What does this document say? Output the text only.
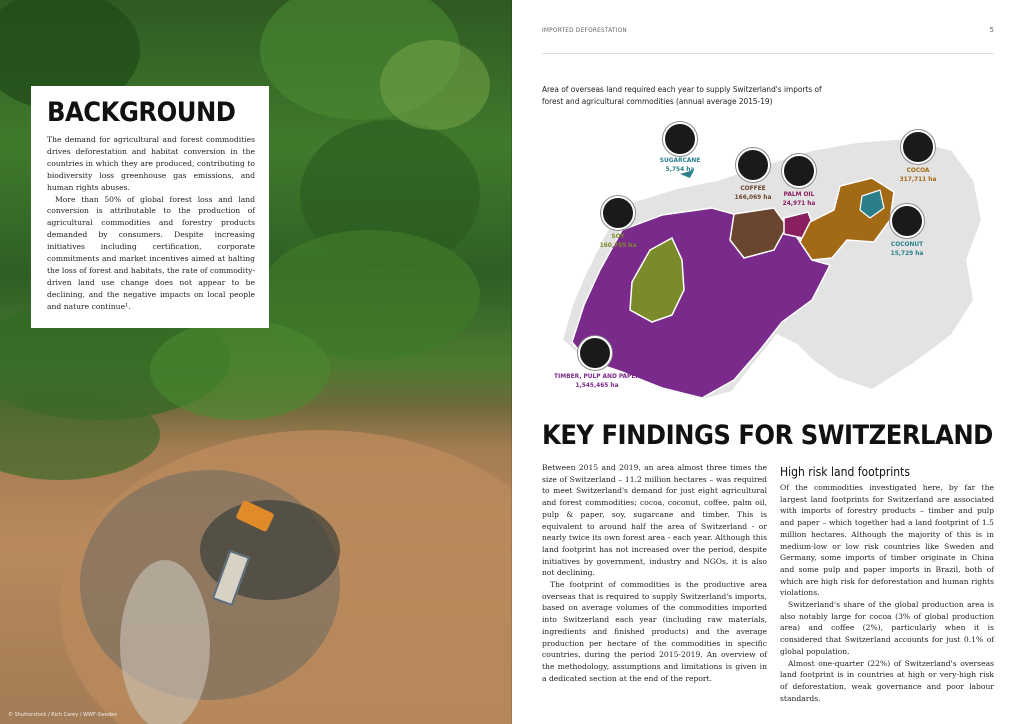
BACKGROUND

The demand for agricultural and forest commodities drives deforestation and habitat conversion in the countries in which they are produced, contributing to biodiversity loss greenhouse gas emissions, and human rights abuses.

More than 50% of global forest loss and land conversion is attributable to the production of agricultural commodities and forestry products demanded by consumers. Despite increasing initiatives including certification, corporate commitments and market incentives aimed at halting the loss of forest and habitats, the rate of commodity-driven land use change does not appear to be declining, and the negative impacts on local people and nature continue¹.

© Shutterstock / Rich Carey / WWF-Sweden
IMPORTED DEFORESTATION	5
Area of overseas land required each year to supply Switzerland's imports of forest and agricultural commodities (annual average 2015-19)
SUGARCANE
5,754 ha
COFFEE
166,069 ha	PALM OIL
24,971 ha
COCOA
317,711 ha
SOY
160,755 ha	COCONUT
15,729 ha
TIMBER, PULP AND PAPER
1,545,465 ha
KEY FINDINGS FOR SWITZERLAND

Between 2015 and 2019, an area almost three times the size of Switzerland – 11.2 million hectares – was required to meet Switzerland's demand for just eight agricultural and forest commodities; cocoa, coconut, coffee, palm oil, pulp & paper, soy, sugarcane and timber. This is equivalent to around half the area of Switzerland - or nearly twice its own forest area - each year. Although this land footprint has not increased over the period, despite initiatives by government, industry and NGOs, it is also not declining.

The footprint of commodities is the productive area overseas that is required to supply Switzerland's imports, based on average volumes of the commodities imported into Switzerland each year (including raw materials, ingredients and finished products) and the average production per hectare of the commodities in specific countries, during the period 2015-2019. An overview of the methodology, assumptions and limitations is given in a dedicated section at the end of the report.

High risk land footprints

Of the commodities investigated here, by far the largest land footprints for Switzerland are associated with imports of forestry products – timber and pulp and paper – which together had a land footprint of 1.5 million hectares. Although the majority of this is in medium-low or low risk countries like Sweden and Germany, some imports of timber originate in China and some pulp and paper imports in Brazil, both of which are high risk for deforestation and human rights violations.

Switzerland's share of the global production area is also notably large for cocoa (3% of global production area) and coffee (2%), particularly when it is considered that Switzerland accounts for just 0.1% of global population.

Almost one-quarter (22%) of Switzerland's overseas land footprint is in countries at high or very-high risk of deforestation, weak governance and poor labour standards.
